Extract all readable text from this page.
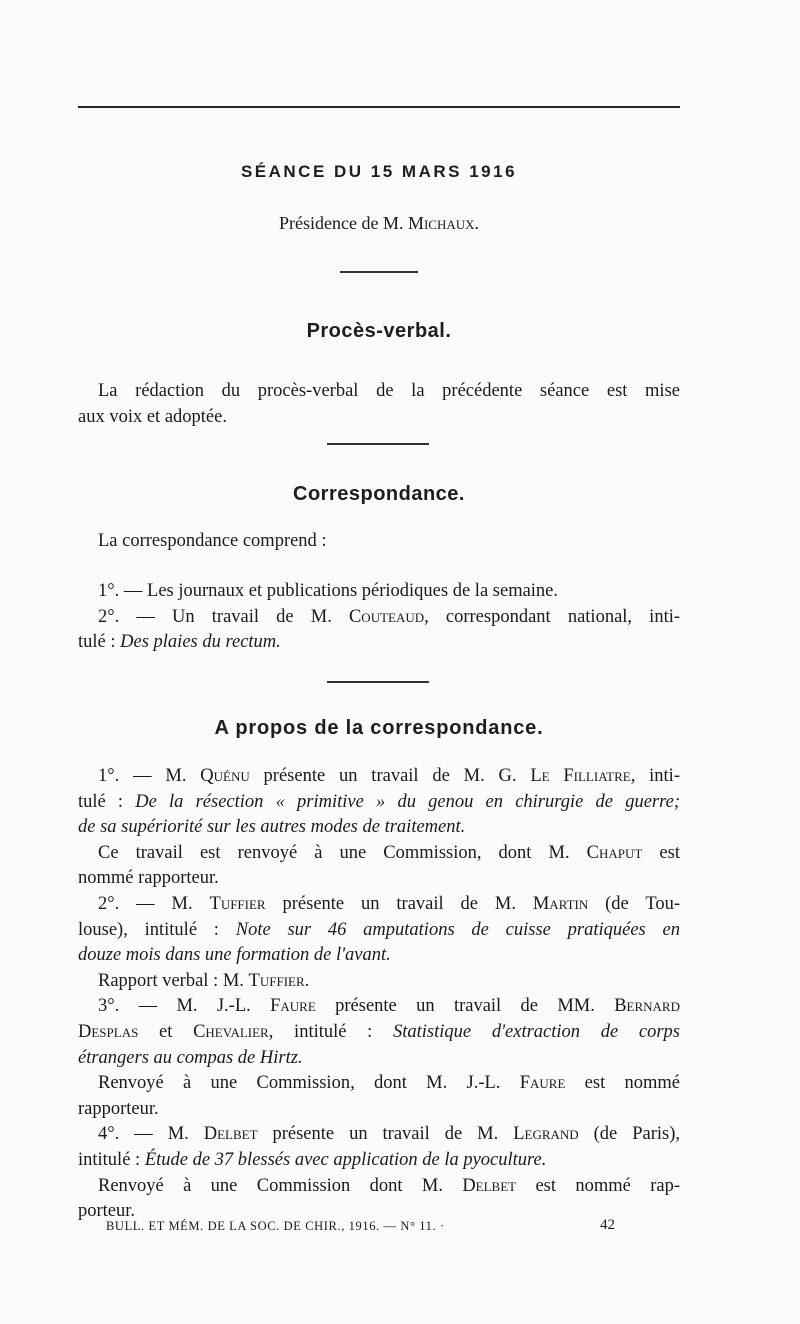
SÉANCE DU 15 MARS 1916
Présidence de M. Michaux.
Procès-verbal.
La rédaction du procès-verbal de la précédente séance est mise
aux voix et adoptée.
Correspondance.
La correspondance comprend :
1°. — Les journaux et publications périodiques de la semaine.
2°. — Un travail de M. Couteaud, correspondant national, inti-
tulé : Des plaies du rectum.
A propos de la correspondance.
1°. — M. Quénu présente un travail de M. G. Le Filliatre, inti-
tulé : De la résection « primitive » du genou en chirurgie de guerre;
de sa supériorité sur les autres modes de traitement.
Ce travail est renvoyé à une Commission, dont M. Chaput est
nommé rapporteur.
2°. — M. Tuffier présente un travail de M. Martin (de Tou-
louse), intitulé : Note sur 46 amputations de cuisse pratiquées en
douze mois dans une formation de l'avant.
Rapport verbal : M. Tuffier.
3°. — M. J.-L. Faure présente un travail de MM. Bernard
Desplas et Chevalier, intitulé : Statistique d'extraction de corps
étrangers au compas de Hirtz.
Renvoyé à une Commission, dont M. J.-L. Faure est nommé
rapporteur.
4°. — M. Delbet présente un travail de M. Legrand (de Paris),
intitulé : Étude de 37 blessés avec application de la pyoculture.
Renvoyé à une Commission dont M. Delbet est nommé rap-
porteur.
BULL. ET MÉM. DE LA SOC. DE CHIR., 1916. — N° 11. ·	42
